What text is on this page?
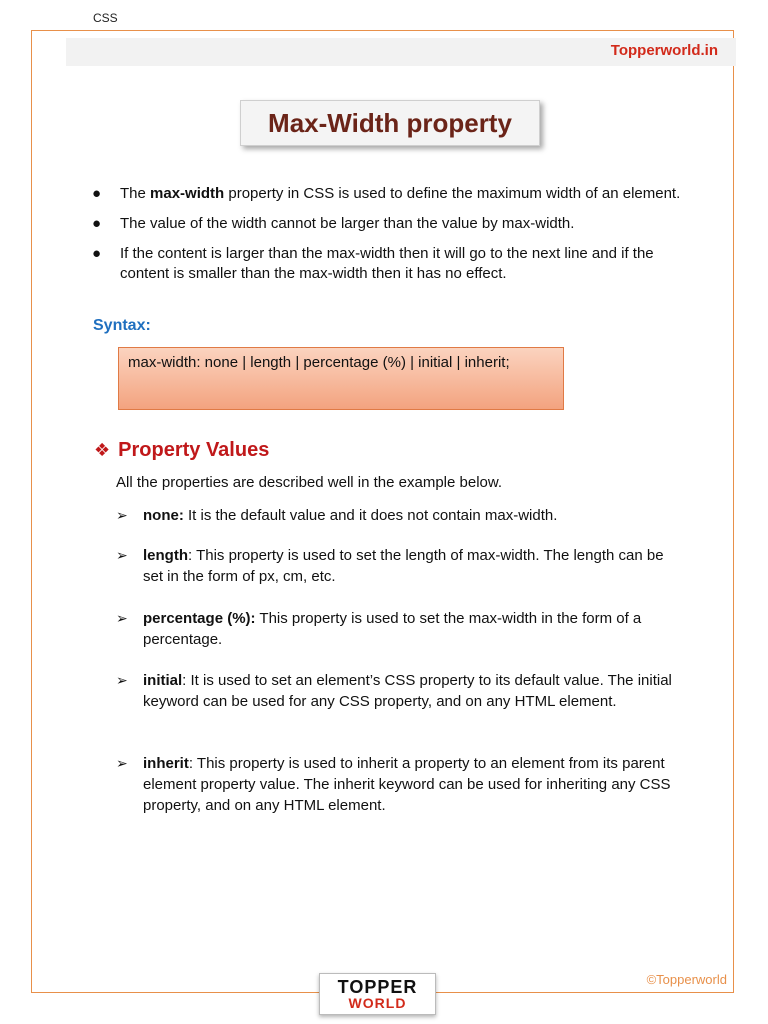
CSS
Topperworld.in
Max-Width property
● The max-width property in CSS is used to define the maximum width of an element.
● The value of the width cannot be larger than the value by max-width.
● If the content is larger than the max-width then it will go to the next line and if the content is smaller than the max-width then it has no effect.
Syntax:
max-width: none | length | percentage (%) | initial | inherit;
❖ Property Values
All the properties are described well in the example below.
➢ none: It is the default value and it does not contain max-width.
➢ length: This property is used to set the length of max-width. The length can be set in the form of px, cm, etc.
➢ percentage (%): This property is used to set the max-width in the form of a percentage.
➢ initial: It is used to set an element’s CSS property to its default value. The initial keyword can be used for any CSS property, and on any HTML element.
➢ inherit: This property is used to inherit a property to an element from its parent element property value. The inherit keyword can be used for inheriting any CSS property, and on any HTML element.
©Topperworld
TOPPER
WORLD
